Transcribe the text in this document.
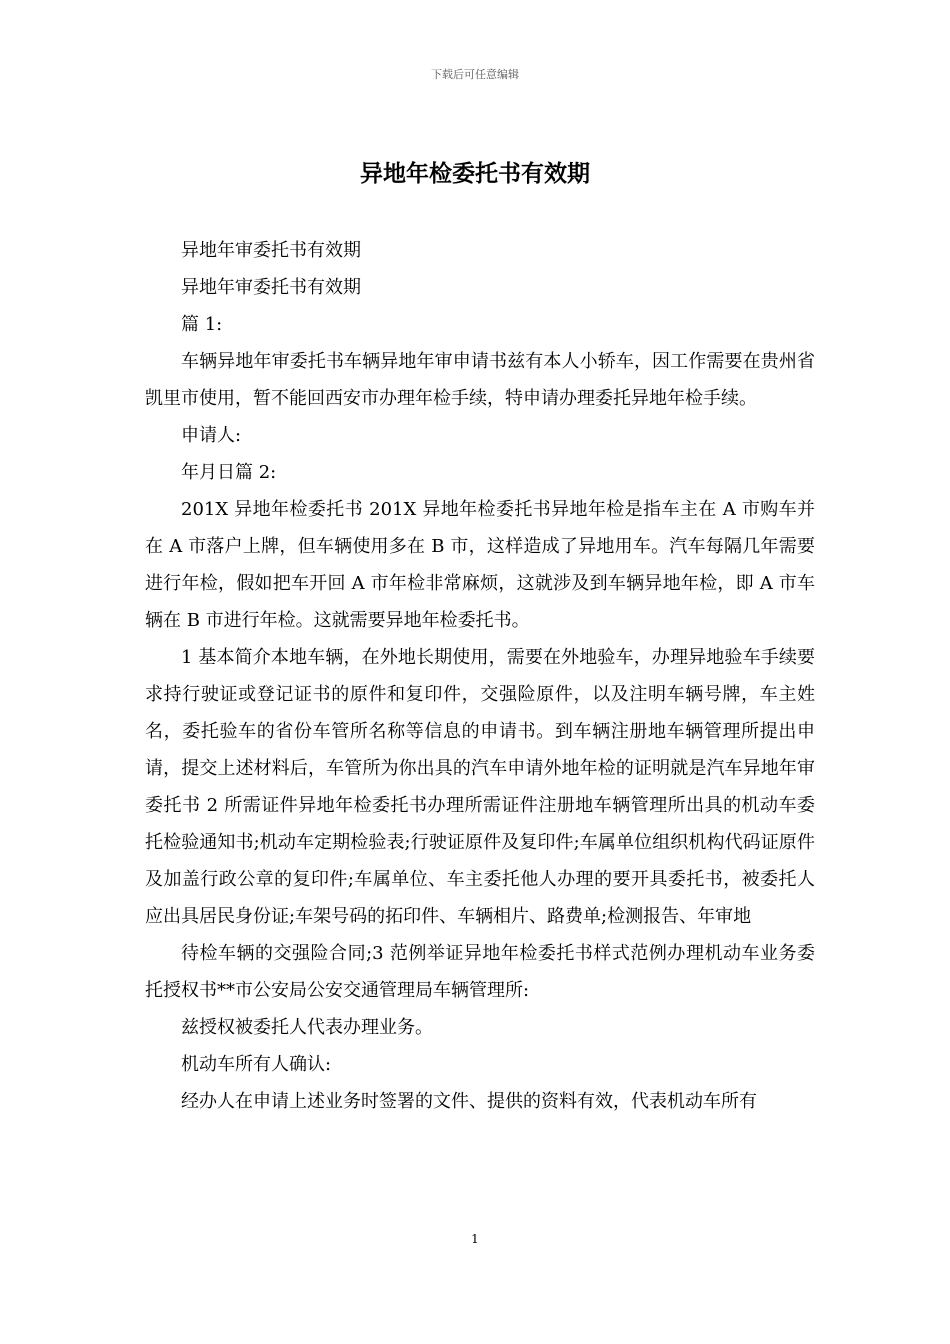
下载后可任意编辑
异地年检委托书有效期

异地年审委托书有效期

异地年审委托书有效期

篇 1:

车辆异地年审委托书车辆异地年审申请书兹有本人小轿车，因工作需要在贵州省凯里市使用，暂不能回西安市办理年检手续，特申请办理委托异地年检手续。

申请人:

年月日篇 2:

201X 异地年检委托书 201X 异地年检委托书异地年检是指车主在 A 市购车并在 A 市落户上牌，但车辆使用多在 B 市，这样造成了异地用车。汽车每隔几年需要进行年检，假如把车开回 A 市年检非常麻烦，这就涉及到车辆异地年检，即 A 市车辆在 B 市进行年检。这就需要异地年检委托书。

1 基本简介本地车辆，在外地长期使用，需要在外地验车，办理异地验车手续要求持行驶证或登记证书的原件和复印件，交强险原件，以及注明车辆号牌，车主姓名，委托验车的省份车管所名称等信息的申请书。到车辆注册地车辆管理所提出申请，提交上述材料后，车管所为你出具的汽车申请外地年检的证明就是汽车异地年审委托书 2 所需证件异地年检委托书办理所需证件注册地车辆管理所出具的机动车委托检验通知书;机动车定期检验表;行驶证原件及复印件;车属单位组织机构代码证原件及加盖行政公章的复印件;车属单位、车主委托他人办理的要开具委托书，被委托人应出具居民身份证;车架号码的拓印件、车辆相片、路费单;检测报告、年审地

待检车辆的交强险合同;3 范例举证异地年检委托书样式范例办理机动车业务委托授权书**市公安局公安交通管理局车辆管理所:

兹授权被委托人代表办理业务。

机动车所有人确认:

经办人在申请上述业务时签署的文件、提供的资料有效，代表机动车所有

1
